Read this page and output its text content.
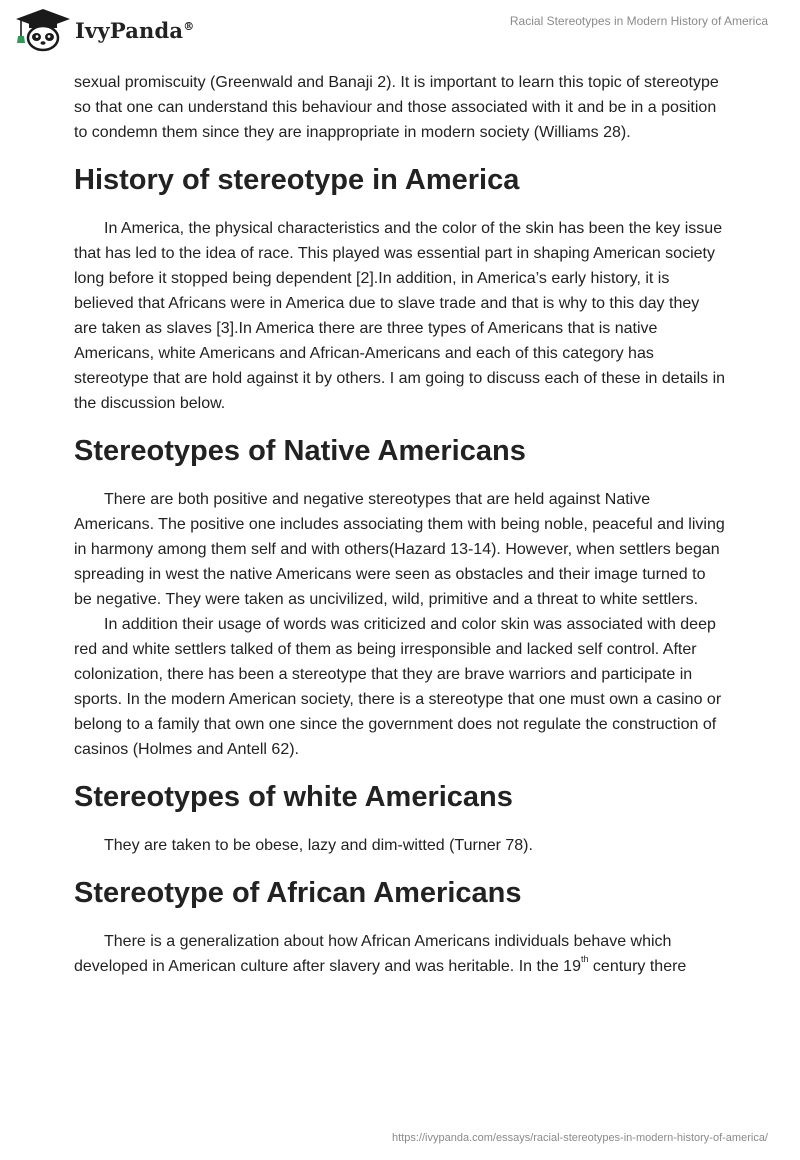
IvyPanda®	Racial Stereotypes in Modern History of America

sexual promiscuity (Greenwald and Banaji 2). It is important to learn this topic of stereotype so that one can understand this behaviour and those associated with it and be in a position to condemn them since they are inappropriate in modern society (Williams 28).

History of stereotype in America

In America, the physical characteristics and the color of the skin has been the key issue that has led to the idea of race. This played was essential part in shaping American society long before it stopped being dependent [2].In addition, in America’s early history, it is believed that Africans were in America due to slave trade and that is why to this day they are taken as slaves [3].In America there are three types of Americans that is native Americans, white Americans and African-Americans and each of this category has stereotype that are hold against it by others. I am going to discuss each of these in details in the discussion below.

Stereotypes of Native Americans

There are both positive and negative stereotypes that are held against Native Americans. The positive one includes associating them with being noble, peaceful and living in harmony among them self and with others(Hazard 13-14). However, when settlers began spreading in west the native Americans were seen as obstacles and their image turned to be negative. They were taken as uncivilized, wild, primitive and a threat to white settlers.

In addition their usage of words was criticized and color skin was associated with deep red and white settlers talked of them as being irresponsible and lacked self control. After colonization, there has been a stereotype that they are brave warriors and participate in sports. In the modern American society, there is a stereotype that one must own a casino or belong to a family that own one since the government does not regulate the construction of casinos (Holmes and Antell 62).

Stereotypes of white Americans

They are taken to be obese, lazy and dim-witted (Turner 78).

Stereotype of African Americans

There is a generalization about how African Americans individuals behave which developed in American culture after slavery and was heritable. In the 19th century there

https://ivypanda.com/essays/racial-stereotypes-in-modern-history-of-america/
